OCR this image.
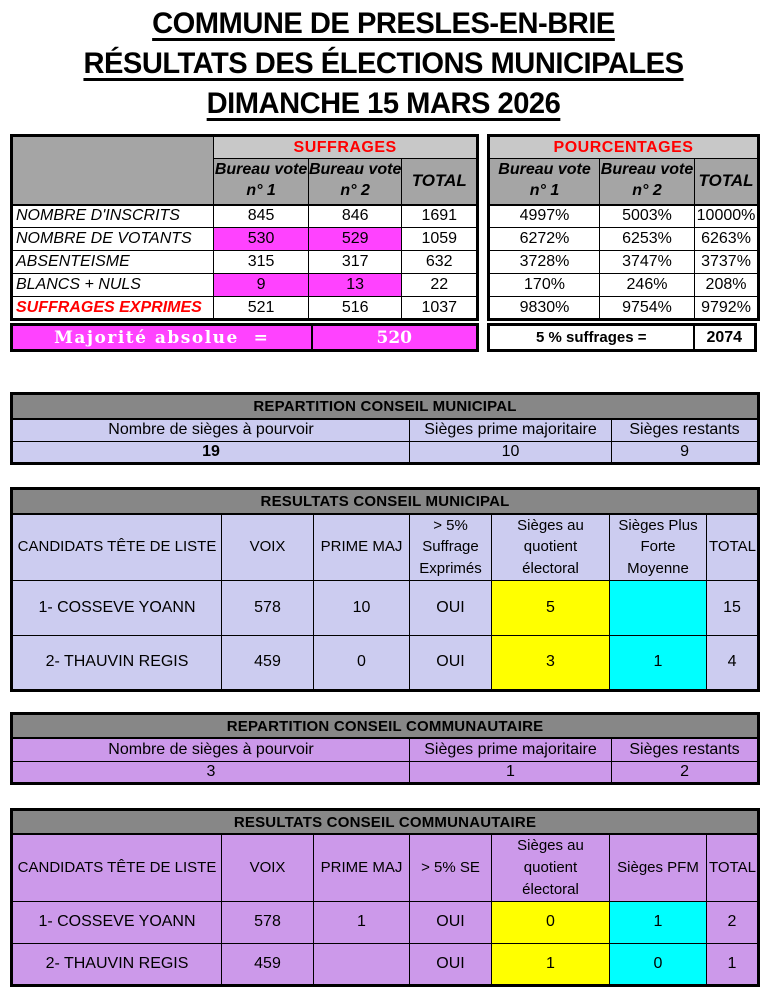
COMMUNE DE PRESLES-EN-BRIE
RÉSULTATS DES ÉLECTIONS MUNICIPALES
DIMANCHE 15 MARS 2026
	SUFFRAGES		
	Bureau vote n° 1	Bureau vote n° 2	TOTAL
NOMBRE D'INSCRITS	845	846	1691
NOMBRE DE VOTANTS	530	529	1059
ABSENTEISME	315	317	632
BLANCS + NULS	9	13	22
SUFFRAGES EXPRIMES	521	516	1037
Majorité absolue  =	520
POURCENTAGES		
Bureau vote n° 1	Bureau vote n° 2	TOTAL
4997%	5003%	10000%
6272%	6253%	6263%
3728%	3747%	3737%
170%	246%	208%
9830%	9754%	9792%
5 % suffrages =	2074
REPARTITION CONSEIL MUNICIPAL		
Nombre de sièges à pourvoir	Sièges prime majoritaire	Sièges restants
19	10	9
RESULTATS CONSEIL MUNICIPAL						
CANDIDATS TÊTE DE LISTE	VOIX	PRIME MAJ	> 5% Suffrage Exprimés	Sièges au quotient électoral	Sièges Plus Forte Moyenne	TOTAL
1- COSSEVE YOANN	578	10	OUI	5		15
2- THAUVIN REGIS	459	0	OUI	3	1	4
REPARTITION CONSEIL COMMUNAUTAIRE		
Nombre de sièges à pourvoir	Sièges prime majoritaire	Sièges restants
3	1	2
RESULTATS CONSEIL COMMUNAUTAIRE						
CANDIDATS TÊTE DE LISTE	VOIX	PRIME MAJ	> 5% SE	Sièges au quotient électoral	Sièges PFM	TOTAL
1- COSSEVE YOANN	578	1	OUI	0	1	2
2- THAUVIN REGIS	459		OUI	1	0	1
